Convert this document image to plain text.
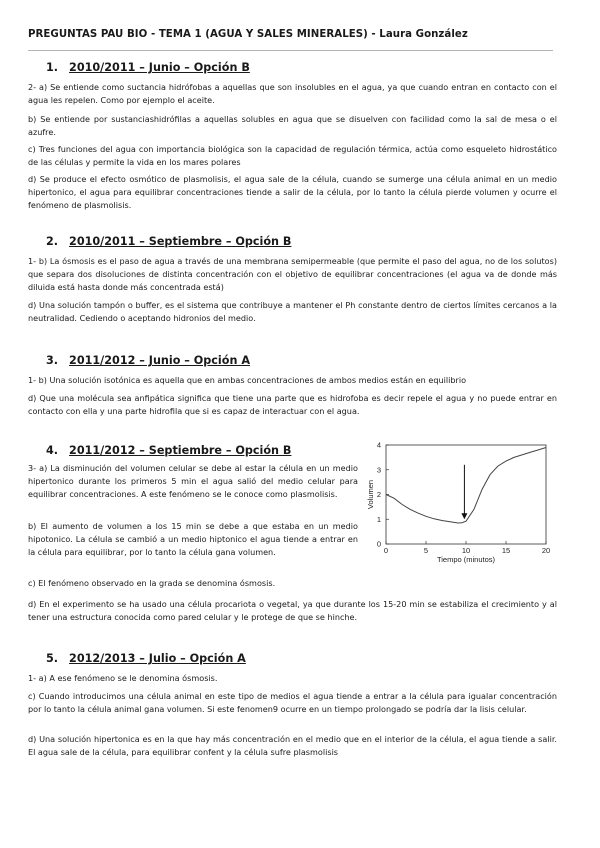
PREGUNTAS PAU BIO - TEMA 1 (AGUA Y SALES MINERALES) - Laura González
1. 2010/2011 – Junio – Opción B

2- a) Se entiende como suctancia hidrófobas a aquellas que son insolubles en el agua, ya que cuando entran en contacto con el agua les repelen. Como por ejemplo el aceite.

b) Se entiende por sustanciashidrófilas a aquellas solubles en agua que se disuelven con facilidad como la sal de mesa o el azufre.

c) Tres funciones del agua con importancia biológica son la capacidad de regulación térmica, actúa como esqueleto hidrostático de las células y permite la vida en los mares polares

d) Se produce el efecto osmótico de plasmolisis, el agua sale de la célula, cuando se sumerge una célula animal en un medio hipertonico, el agua para equilibrar concentraciones tiende a salir de la célula, por lo tanto la célula pierde volumen y ocurre el fenómeno de plasmolisis.

2. 2010/2011 – Septiembre – Opción B

1- b) La ósmosis es el paso de agua a través de una membrana semipermeable (que permite el paso del agua, no de los solutos) que separa dos disoluciones de distinta concentración con el objetivo de equilibrar concentraciones (el agua va de donde más diluida está hasta donde más concentrada está)

d) Una solución tampón o buffer, es el sistema que contribuye a mantener el Ph constante dentro de ciertos límites cercanos a la neutralidad. Cediendo o aceptando hidronios del medio.

3. 2011/2012 – Junio – Opción A

1- b) Una solución isotónica es aquella que en ambas concentraciones de ambos medios están en equilibrio

d) Que una molécula sea anfipática significa que tiene una parte que es hidrofoba es decir repele el agua y no puede entrar en contacto con ella y una parte hidrofila que si es capaz de interactuar con el agua.

4. 2011/2012 – Septiembre – Opción B

3- a) La disminución del volumen celular se debe al estar la célula en un medio hipertonico durante los primeros 5 min el agua salió del medio celular para equilibrar concentraciones. A este fenómeno se le conoce como plasmolisis.

b) El aumento de volumen a los 15 min se debe a que estaba en un medio hipotonico. La célula se cambió a un medio hiptonico el agua tiende a entrar en la célula para equilibrar, por lo tanto la célula gana volumen.

c) El fenómeno observado en la grada se denomina ósmosis.

d) En el experimento se ha usado una célula procariota o vegetal, ya que durante los 15-20 min se estabiliza el crecimiento y al tener una estructura conocida como pared celular y le protege de que se hinche.

0	5	10	15	20
0
1
2
3
4
Tiempo (minutos)
Volumen
5. 2012/2013 – Julio – Opción A

1- a) A ese fenómeno se le denomina ósmosis.

c) Cuando introducimos una célula animal en este tipo de medios el agua tiende a entrar a la célula para igualar concentración por lo tanto la célula animal gana volumen. Si este fenomen9 ocurre en un tiempo prolongado se podría dar la lisis celular.

d) Una solución hipertonica es en la que hay más concentración en el medio que en el interior de la célula, el agua tiende a salir. El agua sale de la célula, para equilibrar confent y la célula sufre plasmolisis
